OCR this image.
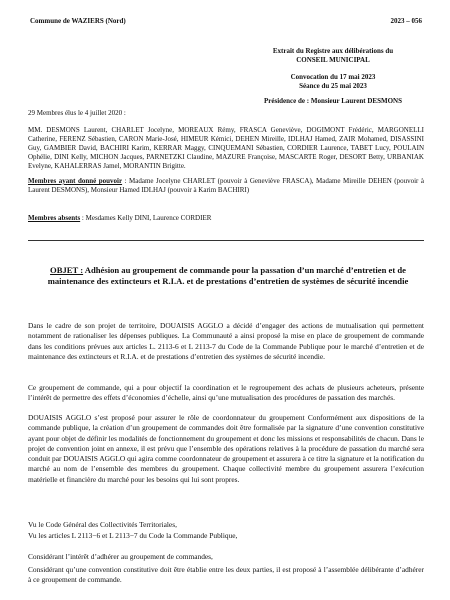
Commune de WAZIERS (Nord)	2023 – 056
Extrait du Registre aux délibérations du
CONSEIL MUNICIPAL
Convocation du 17 mai 2023
Séance du 25 mai 2023
Présidence de : Monsieur Laurent DESMONS
29 Membres élus le 4 juillet 2020 :
MM. DESMONS Laurent, CHARLET Jocelyne, MOREAUX Rémy, FRASCA Geneviève, DOGIMONT Frédéric, MARGONELLI Catherine, FERENZ Sébastien, CARON Marie-José, HIMEUR Kémici, DEHEN Mireille, IDLHAJ Hamed, ZAIR Mohamed, DISASSINI Guy, GAMBIER David, BACHIRI Karim, KERRAR Maggy, CINQUEMANI Sébastien, CORDIER Laurence, TABET Lucy, POULAIN Ophélie, DINI Kelly, MICHON Jacques, PARNETZKI Claudine, MAZURE Françoise, MASCARTE Roger, DESORT Betty, URBANIAK Evelyne, KAHALERRAS Jamel, MORANTIN Brigitte.
Membres ayant donné pouvoir : Madame Jocelyne CHARLET (pouvoir à Geneviève FRASCA), Madame Mireille DEHEN (pouvoir à Laurent DESMONS), Monsieur Hamed IDLHAJ (pouvoir à Karim BACHIRI)
Membres absents : Mesdames Kelly DINI, Laurence CORDIER
OBJET : Adhésion au groupement de commande pour la passation d’un marché d’entretien et de maintenance des extincteurs et R.I.A. et de prestations d’entretien de systèmes de sécurité incendie
Dans le cadre de son projet de territoire, DOUAISIS AGGLO a décidé d’engager des actions de mutualisation qui permettent notamment de rationaliser les dépenses publiques. La Communauté a ainsi proposé la mise en place de groupement de commande dans les conditions prévues aux articles L. 2113-6 et L 2113-7 du Code de la Commande Publique pour le marché d’entretien et de maintenance des extincteurs et R.I.A. et de prestations d’entretien des systèmes de sécurité incendie.
Ce groupement de commande, qui a pour objectif la coordination et le regroupement des achats de plusieurs acheteurs, présente l’intérêt de permettre des effets d’économies d’échelle, ainsi qu’une mutualisation des procédures de passation des marchés.
DOUAISIS AGGLO s’est proposé pour assurer le rôle de coordonnateur du groupement Conformément aux dispositions de la commande publique, la création d’un groupement de commandes doit être formalisée par la signature d’une convention constitutive ayant pour objet de définir les modalités de fonctionnement du groupement et donc les missions et responsabilités de chacun. Dans le projet de convention joint en annexe, il est prévu que l’ensemble des opérations relatives à la procédure de passation du marché sera conduit par DOUAISIS AGGLO qui agira comme coordonnateur de groupement et assurera à ce titre la signature et la notification du marché au nom de l’ensemble des membres du groupement. Chaque collectivité membre du groupement assurera l’exécution matérielle et financière du marché pour les besoins qui lui sont propres.
Vu le Code Général des Collectivités Territoriales,
Vu les articles L 2113−6 et L 2113−7 du Code la Commande Publique,
Considérant l’intérêt d’adhérer au groupement de commandes,
Considérant qu’une convention constitutive doit être établie entre les deux parties, il est proposé à l’assemblée délibérante d’adhérer à ce groupement de commande.
